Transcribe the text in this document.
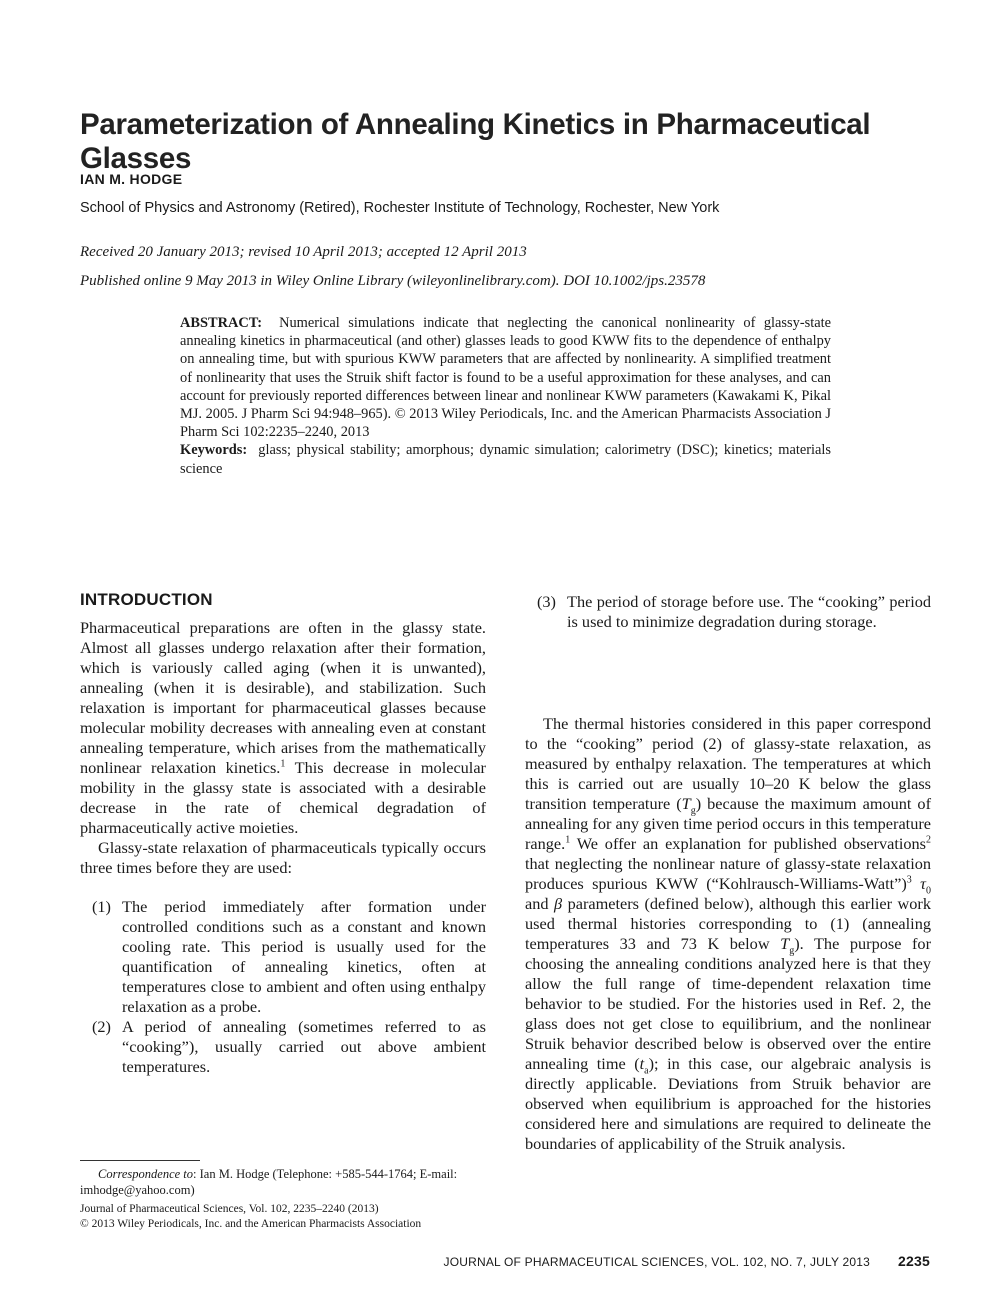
Parameterization of Annealing Kinetics in Pharmaceutical Glasses
IAN M. HODGE
School of Physics and Astronomy (Retired), Rochester Institute of Technology, Rochester, New York
Received 20 January 2013; revised 10 April 2013; accepted 12 April 2013
Published online 9 May 2013 in Wiley Online Library (wileyonlinelibrary.com). DOI 10.1002/jps.23578
ABSTRACT: Numerical simulations indicate that neglecting the canonical nonlinearity of glassy-state annealing kinetics in pharmaceutical (and other) glasses leads to good KWW fits to the dependence of enthalpy on annealing time, but with spurious KWW parameters that are affected by nonlinearity. A simplified treatment of nonlinearity that uses the Struik shift factor is found to be a useful approximation for these analyses, and can account for previously reported differences between linear and nonlinear KWW parameters (Kawakami K, Pikal MJ. 2005. J Pharm Sci 94:948–965). © 2013 Wiley Periodicals, Inc. and the American Pharmacists Association J Pharm Sci 102:2235–2240, 2013
Keywords: glass; physical stability; amorphous; dynamic simulation; calorimetry (DSC); kinetics; materials science
INTRODUCTION

Pharmaceutical preparations are often in the glassy state. Almost all glasses undergo relaxation after their formation, which is variously called aging (when it is unwanted), annealing (when it is desirable), and stabilization. Such relaxation is important for pharmaceutical glasses because molecular mobility decreases with annealing even at constant annealing temperature, which arises from the mathematically nonlinear relaxation kinetics.$^1$ This decrease in molecular mobility in the glassy state is associated with a desirable decrease in the rate of chemical degradation of pharmaceutically active moieties.

Glassy-state relaxation of pharmaceuticals typically occurs three times before they are used:

(1) The period immediately after formation under controlled conditions such as a constant and known cooling rate. This period is usually used for the quantification of annealing kinetics, often at temperatures close to ambient and often using enthalpy relaxation as a probe.
(2) A period of annealing (sometimes referred to as “cooking”), usually carried out above ambient temperatures.
(3) The period of storage before use. The “cooking” period is used to minimize degradation during storage.

The thermal histories considered in this paper correspond to the “cooking” period (2) of glassy-state relaxation, as measured by enthalpy relaxation. The temperatures at which this is carried out are usually 10–20 K below the glass transition temperature $(T_g)$ because the maximum amount of annealing for any given time period occurs in this temperature range.$^1$ We offer an explanation for published observations$^2$ that neglecting the nonlinear nature of glassy-state relaxation produces spurious KWW (“Kohlrausch-Williams-Watt”)$^3$ $\tau_0$ and β parameters (defined below), although this earlier work used thermal histories corresponding to (1) (annealing temperatures 33 and 73 K below $T_g$). The purpose for choosing the annealing conditions analyzed here is that they allow the full range of time-dependent relaxation time behavior to be studied. For the histories used in Ref. 2, the glass does not get close to equilibrium, and the nonlinear Struik behavior described below is observed over the entire annealing time $(t_a)$; in this case, our algebraic analysis is directly applicable. Deviations from Struik behavior are observed when equilibrium is approached for the histories considered here and simulations are required to delineate the boundaries of applicability of the Struik analysis.

Correspondence to: Ian M. Hodge (Telephone: +585-544-1764; E-mail: imhodge@yahoo.com)
Journal of Pharmaceutical Sciences, Vol. 102, 2235–2240 (2013)
© 2013 Wiley Periodicals, Inc. and the American Pharmacists Association
JOURNAL OF PHARMACEUTICAL SCIENCES, VOL. 102, NO. 7, JULY 2013 2235
